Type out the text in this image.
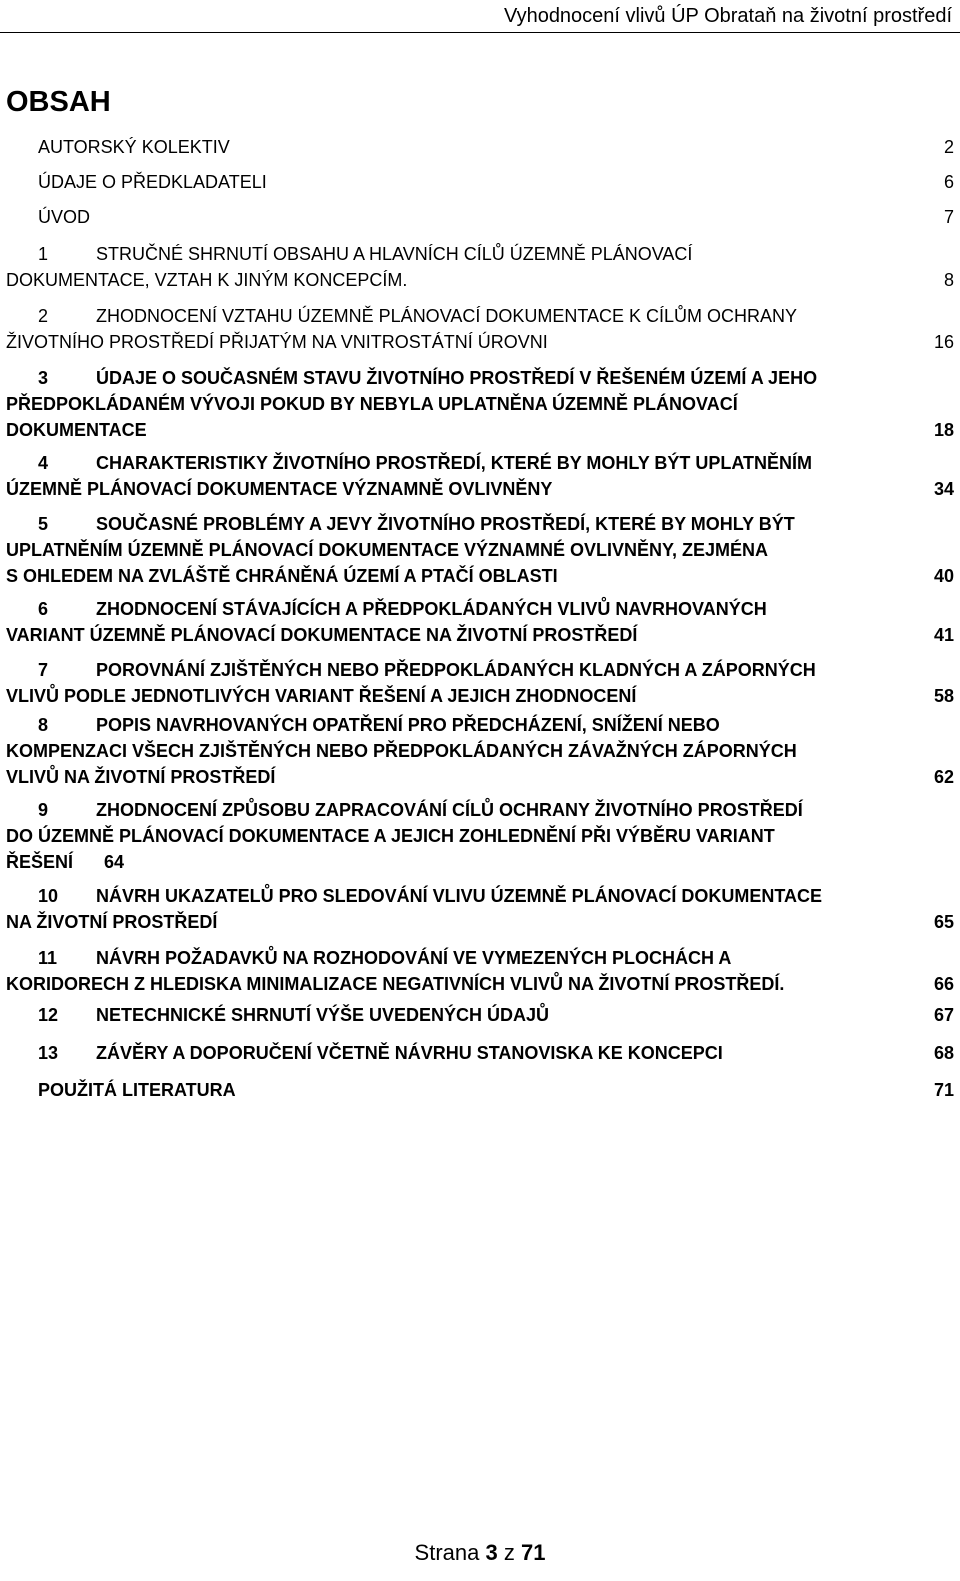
Vyhodnocení vlivů ÚP Obrataň na životní prostředí
OBSAH
AUTORSKÝ KOLEKTIV	2
ÚDAJE O PŘEDKLADATELI	6
ÚVOD	7
1	STRUČNÉ SHRNUTÍ OBSAHU A HLAVNÍCH CÍLŮ ÚZEMNĚ PLÁNOVACÍ
DOKUMENTACE, VZTAH K JINÝM KONCEPCÍM.	8
2	ZHODNOCENÍ VZTAHU ÚZEMNĚ PLÁNOVACÍ DOKUMENTACE K CÍLŮM OCHRANY
ŽIVOTNÍHO PROSTŘEDÍ PŘIJATÝM NA VNITROSTÁTNÍ ÚROVNI	16
3	ÚDAJE O SOUČASNÉM STAVU ŽIVOTNÍHO PROSTŘEDÍ V ŘEŠENÉM ÚZEMÍ A JEHO
PŘEDPOKLÁDANÉM VÝVOJI POKUD BY NEBYLA UPLATNĚNA ÚZEMNĚ PLÁNOVACÍ
DOKUMENTACE	18
4	CHARAKTERISTIKY ŽIVOTNÍHO PROSTŘEDÍ, KTERÉ BY MOHLY BÝT UPLATNĚNÍM
ÚZEMNĚ PLÁNOVACÍ DOKUMENTACE VÝZNAMNĚ OVLIVNĚNY	34
5	SOUČASNÉ PROBLÉMY A JEVY ŽIVOTNÍHO PROSTŘEDÍ, KTERÉ BY MOHLY BÝT
UPLATNĚNÍM ÚZEMNĚ PLÁNOVACÍ DOKUMENTACE VÝZNAMNÉ OVLIVNĚNY, ZEJMÉNA
S OHLEDEM NA ZVLÁŠTĚ CHRÁNĚNÁ ÚZEMÍ A PTAČÍ OBLASTI	40
6	ZHODNOCENÍ STÁVAJÍCÍCH A PŘEDPOKLÁDANÝCH VLIVŮ NAVRHOVANÝCH
VARIANT ÚZEMNĚ PLÁNOVACÍ DOKUMENTACE NA ŽIVOTNÍ PROSTŘEDÍ	41
7	POROVNÁNÍ ZJIŠTĚNÝCH NEBO PŘEDPOKLÁDANÝCH KLADNÝCH A ZÁPORNÝCH
VLIVŮ PODLE JEDNOTLIVÝCH VARIANT ŘEŠENÍ A JEJICH ZHODNOCENÍ	58
8	POPIS NAVRHOVANÝCH OPATŘENÍ PRO PŘEDCHÁZENÍ, SNÍŽENÍ NEBO
KOMPENZACI VŠECH ZJIŠTĚNÝCH NEBO PŘEDPOKLÁDANÝCH ZÁVAŽNÝCH ZÁPORNÝCH
VLIVŮ NA ŽIVOTNÍ PROSTŘEDÍ	62
9	ZHODNOCENÍ ZPŮSOBU ZAPRACOVÁNÍ CÍLŮ OCHRANY ŽIVOTNÍHO PROSTŘEDÍ
DO ÚZEMNĚ PLÁNOVACÍ DOKUMENTACE A JEJICH ZOHLEDNĚNÍ PŘI VÝBĚRU VARIANT
ŘEŠENÍ 64
10 NÁVRH UKAZATELŮ PRO SLEDOVÁNÍ VLIVU ÚZEMNĚ PLÁNOVACÍ DOKUMENTACE
NA ŽIVOTNÍ PROSTŘEDÍ	65
11 NÁVRH POŽADAVKŮ NA ROZHODOVÁNÍ VE VYMEZENÝCH PLOCHÁCH A
KORIDORECH Z HLEDISKA MINIMALIZACE NEGATIVNÍCH VLIVŮ NA ŽIVOTNÍ PROSTŘEDÍ.	66
12 NETECHNICKÉ SHRNUTÍ VÝŠE UVEDENÝCH ÚDAJŮ	67
13 ZÁVĚRY A DOPORUČENÍ VČETNĚ NÁVRHU STANOVISKA KE KONCEPCI	68
POUŽITÁ LITERATURA	71
Strana 3 z 71
